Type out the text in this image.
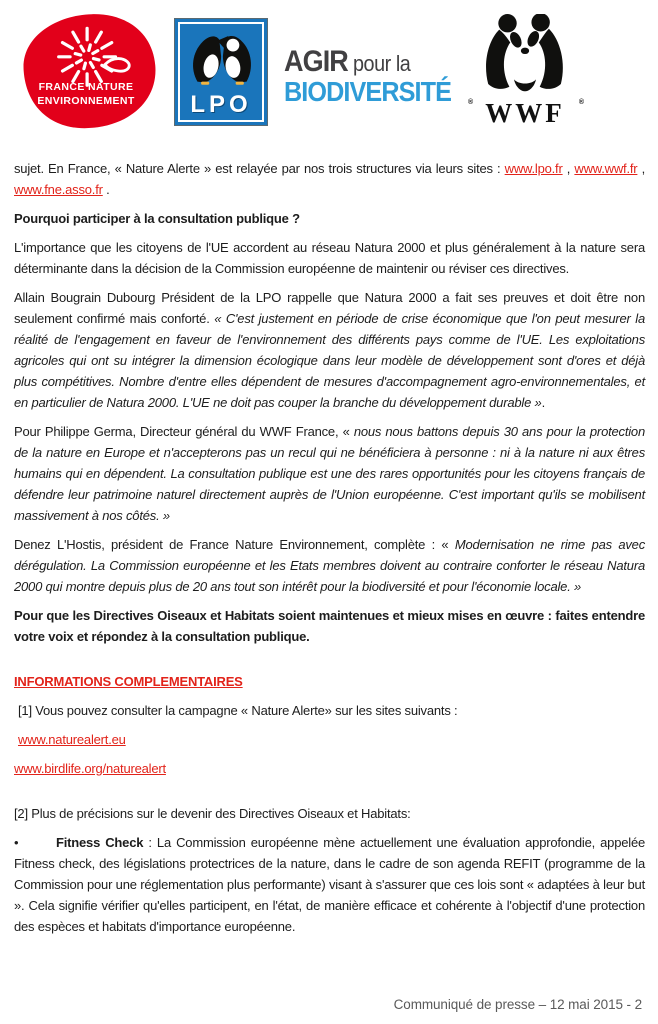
FRANCE NATURE
ENVIRONNEMENT	LPO
AGIR pour la
BIODIVERSITÉ ® WWF ®

sujet. En France, « Nature Alerte » est relayée par nos trois structures via leurs sites : www.lpo.fr , www.wwf.fr , www.fne.asso.fr .

Pourquoi participer à la consultation publique ?

L'importance que les citoyens de l'UE accordent au réseau Natura 2000 et plus généralement à la nature sera déterminante dans la décision de la Commission européenne de maintenir ou réviser ces directives.

Allain Bougrain Dubourg Président de la LPO rappelle que Natura 2000 a fait ses preuves et doit être non seulement confirmé mais conforté. « C'est justement en période de crise économique que l'on peut mesurer la réalité de l'engagement en faveur de l'environnement des différents pays comme de l'UE. Les exploitations agricoles qui ont su intégrer la dimension écologique dans leur modèle de développement sont d'ores et déjà plus compétitives. Nombre d'entre elles dépendent de mesures d'accompagnement agro-environnementales, et en particulier de Natura 2000. L'UE ne doit pas couper la branche du développement durable ».

Pour Philippe Germa, Directeur général du WWF France, « nous nous battons depuis 30 ans pour la protection de la nature en Europe et n'accepterons pas un recul qui ne bénéficiera à personne : ni à la nature ni aux êtres humains qui en dépendent. La consultation publique est une des rares opportunités pour les citoyens français de défendre leur patrimoine naturel directement auprès de l'Union européenne. C'est important qu'ils se mobilisent massivement à nos côtés. »

Denez L'Hostis, président de France Nature Environnement, complète : « Modernisation ne rime pas avec dérégulation. La Commission européenne et les Etats membres doivent au contraire conforter le réseau Natura 2000 qui montre depuis plus de 20 ans tout son intérêt pour la biodiversité et pour l'économie locale. »

Pour que les Directives Oiseaux et Habitats soient maintenues et mieux mises en œuvre : faites entendre votre voix et répondez à la consultation publique.

INFORMATIONS COMPLEMENTAIRES

[1] Vous pouvez consulter la campagne « Nature Alerte» sur les sites suivants :

www.naturealert.eu

www.birdlife.org/naturealert

[2] Plus de précisions sur le devenir des Directives Oiseaux et Habitats:

•	Fitness Check : La Commission européenne mène actuellement une évaluation approfondie, appelée Fitness check, des législations protectrices de la nature, dans le cadre de son agenda REFIT (programme de la Commission pour une réglementation plus performante) visant à s'assurer que ces lois sont « adaptées à leur but ». Cela signifie vérifier qu'elles participent, en l'état, de manière efficace et cohérente à l'objectif d'une protection des espèces et habitats d'importance européenne.

Communiqué de presse – 12 mai 2015 - 2
